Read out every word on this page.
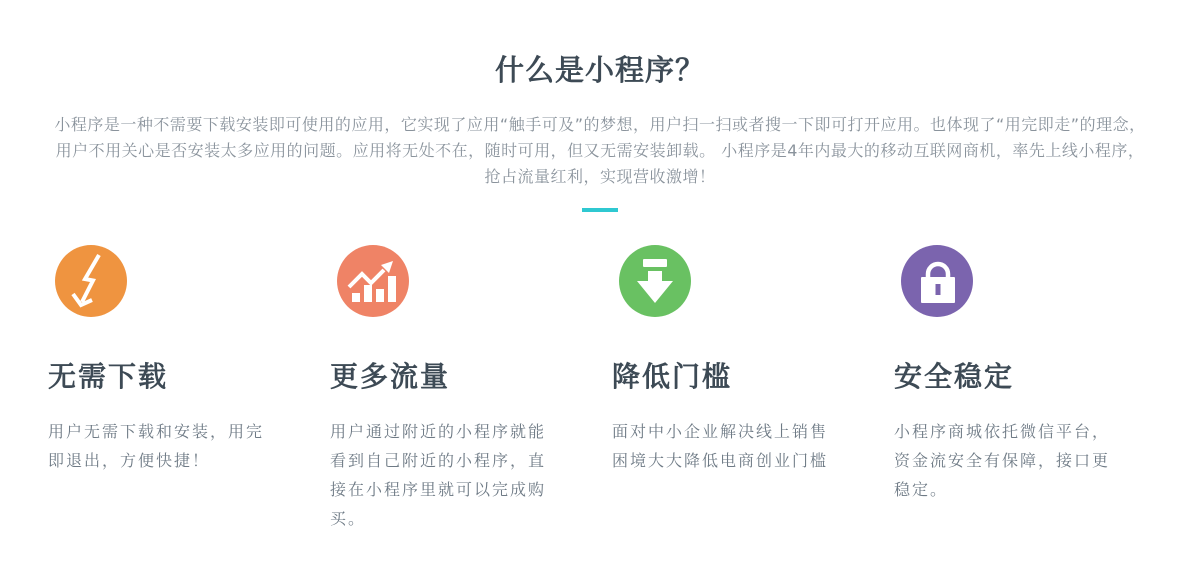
什么是小程序？
小程序是一种不需要下载安装即可使用的应用，它实现了应用“触手可及”的梦想，用户扫一扫或者搜一下即可打开应用。也体现了“用完即走”的理念，用户不用关心是否安装太多应用的问题。应用将无处不在，随时可用，但又无需安装卸载。 小程序是4年内最大的移动互联网商机，率先上线小程序，抢占流量红利，实现营收激增！
无需下载

用户无需下载和安装，用完即退出，方便快捷！

更多流量

用户通过附近的小程序就能看到自己附近的小程序，直接在小程序里就可以完成购买。

降低门槛

面对中小企业解决线上销售困境大大降低电商创业门槛

安全稳定

小程序商城依托微信平台，资金流安全有保障，接口更稳定。
